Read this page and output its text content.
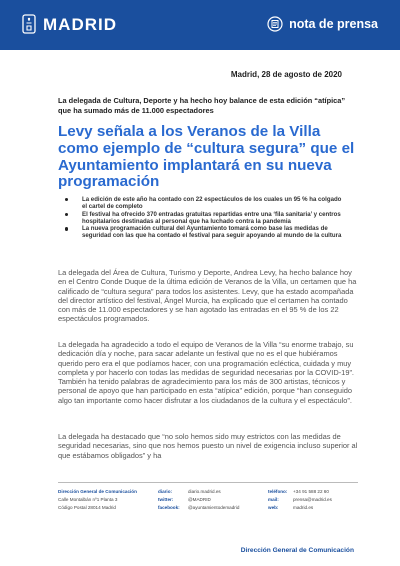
MADRID	nota de prensa
Madrid, 28 de agosto de 2020
La delegada de Cultura, Deporte y ha hecho hoy balance de esta edición “atípica” que ha sumado más de 11.000 espectadores
Levy señala a los Veranos de la Villa como ejemplo de “cultura segura” que el Ayuntamiento implantará en su nueva programación
La edición de este año ha contado con 22 espectáculos de los cuales un 95 % ha colgado el cartel de completo
El festival ha ofrecido 370 entradas gratuitas repartidas entre una ‘fila sanitaria’ y centros hospitalarios destinadas al personal que ha luchado contra la pandemia
La nueva programación cultural del Ayuntamiento tomará como base las medidas de seguridad con las que ha contado el festival para seguir apoyando al mundo de la cultura

La delegada del Área de Cultura, Turismo y Deporte, Andrea Levy, ha hecho balance hoy en el Centro Conde Duque de la última edición de Veranos de la Villa, un certamen que ha calificado de “cultura segura” para todos los asistentes. Levy, que ha estado acompañada del director artístico del festival, Ángel Murcia, ha explicado que el certamen ha contado con más de 11.000 espectadores y se han agotado las entradas en el 95 % de los 22 espectáculos programados.

La delegada ha agradecido a todo el equipo de Veranos de la Villa “su enorme trabajo, su dedicación día y noche, para sacar adelante un festival que no es el que hubiéramos querido pero era el que podíamos hacer, con una programación ecléctica, cuidada y muy completa y por hacerlo con todas las medidas de seguridad necesarias por la COVID-19”. También ha tenido palabras de agradecimiento para los más de 300 artistas, técnicos y personal de apoyo que han participado en esta “atípica” edición, porque “han conseguido algo tan importante como hacer disfrutar a los ciudadanos de la cultura y el espectáculo”.

La delegada ha destacado que “no solo hemos sido muy estrictos con las medidas de seguridad necesarias, sino que nos hemos puesto un nivel de exigencia incluso superior al que estábamos obligados” y ha

Dirección General de Comunicación
Calle Montalbán nº1 Planta 3
Código Postal 28014 Madrid
diario:
twitter:
facebook:
diario.madrid.es
@MADRID
@ayuntamientodemadrid
teléfono:
mail:
web:
+34 91 588 22 60
prensa@madrid.es
madrid.es
Dirección General de Comunicación
